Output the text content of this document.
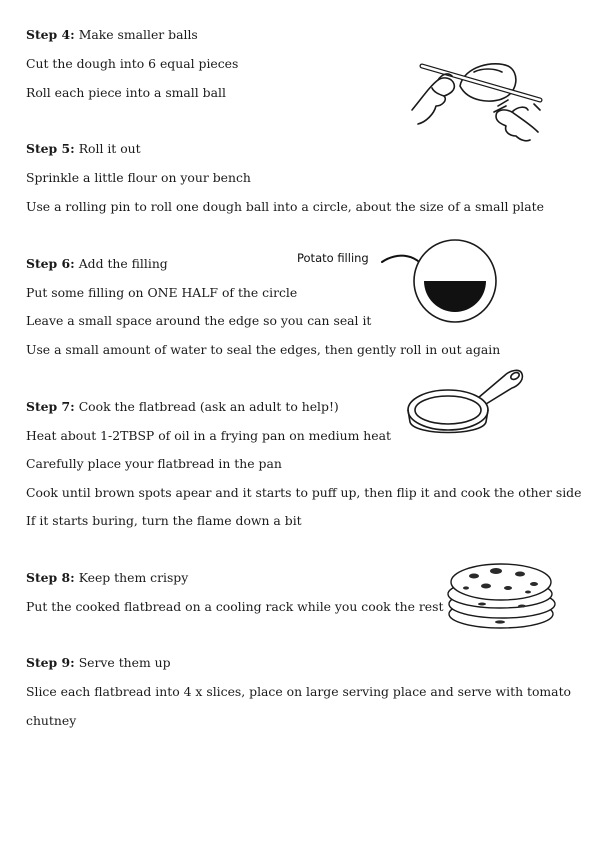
Step 4: Make smaller balls

Cut the dough into 6 equal pieces

Roll each piece into a small ball

Step 5: Roll it out

Sprinkle a little flour on your bench

Use a rolling pin to roll one dough ball into a circle, about the size of a small plate

Step 6: Add the filling

Put some filling on ONE HALF of the circle

Leave a small space around the edge so you can seal it

Use a small amount of water to seal the edges, then gently roll in out again

Step 7: Cook the flatbread (ask an adult to help!)

Heat about 1-2TBSP of oil in a frying pan on medium heat

Carefully place your flatbread in the pan

Cook until brown spots apear and it starts to puff up, then flip it and cook the other side

If it starts buring, turn the flame down a bit

Step 8: Keep them crispy

Put the cooked flatbread on a cooling rack while you cook the rest

Step 9: Serve them up

Slice each flatbread into 4 x slices, place on large serving place and serve with tomato

chutney

Potato filling
